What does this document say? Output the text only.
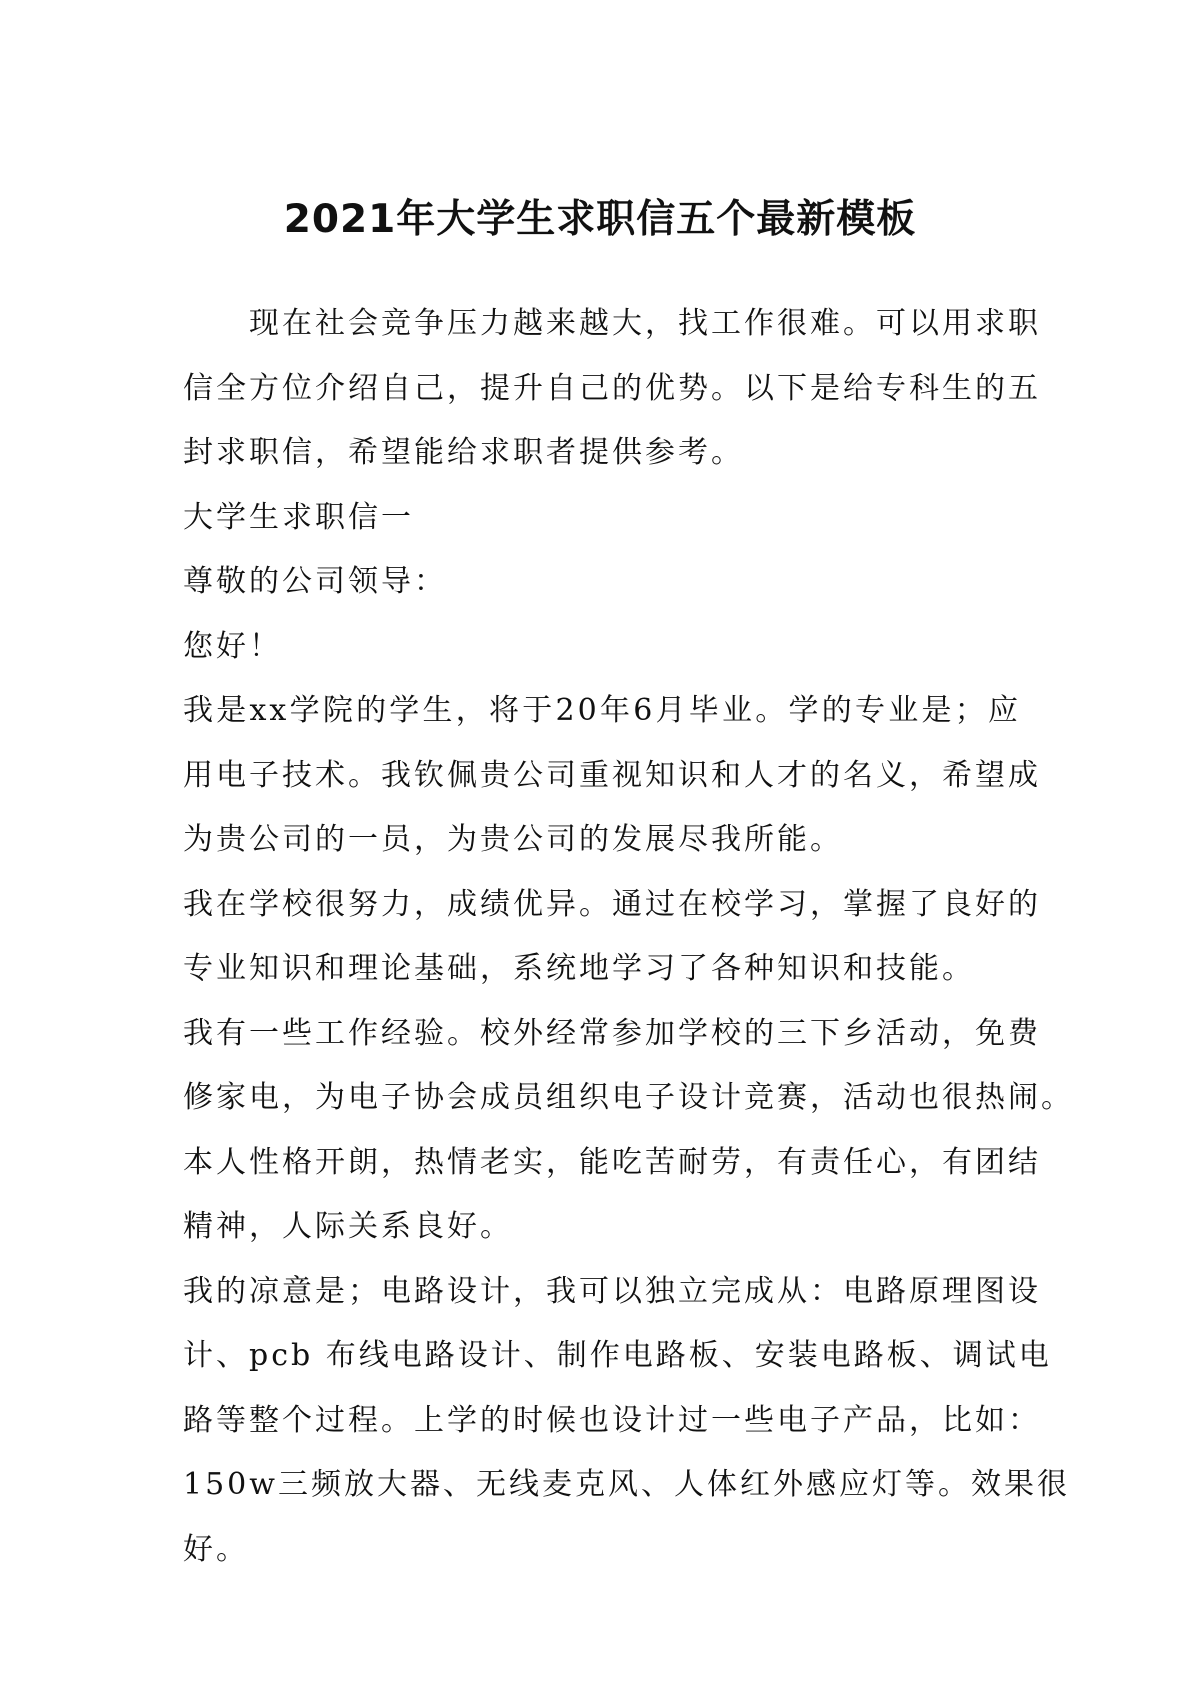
2021年大学生求职信五个最新模板
现在社会竞争压力越来越大，找工作很难。可以用求职
信全方位介绍自己，提升自己的优势。以下是给专科生的五
封求职信，希望能给求职者提供参考。
大学生求职信一
尊敬的公司领导：
您好！
我是xx学院的学生，将于20年6月毕业。学的专业是；应
用电子技术。我钦佩贵公司重视知识和人才的名义，希望成
为贵公司的一员，为贵公司的发展尽我所能。
我在学校很努力，成绩优异。通过在校学习，掌握了良好的
专业知识和理论基础，系统地学习了各种知识和技能。
我有一些工作经验。校外经常参加学校的三下乡活动，免费
修家电，为电子协会成员组织电子设计竞赛，活动也很热闹。
本人性格开朗，热情老实，能吃苦耐劳，有责任心，有团结
精神，人际关系良好。
我的凉意是；电路设计，我可以独立完成从：电路原理图设
计、pcb 布线电路设计、制作电路板、安装电路板、调试电
路等整个过程。上学的时候也设计过一些电子产品，比如：
150w三频放大器、无线麦克风、人体红外感应灯等。效果很
好。
